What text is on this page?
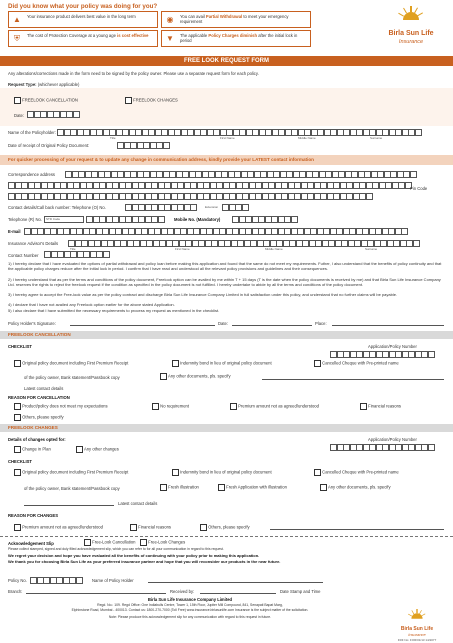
Did you know what your policy was doing for you?
▲	Your insurance product delivers best value in the long term	◉	You can avail Partial Withdrawal to meet your emergency requirement
⛨	The cost of Protection Coverage at a young age is cost effective	▼	The applicable Policy Charges diminish after the initial lock in period
Birla Sun Life
Insurance
FREE LOOK REQUEST FORM
Any alterations/corrections made in the form need to be signed by the policy owner. Please use a separate request form for each policy.
Request Type: (whichever applicable)
FREELOOK CANCELLATION	FREELOOK CHANGES
Date:
Name of the Policyholder:
Title	First Name	Middle Name	Surname
Date of receipt of Original Policy Document:
For quicker processing of your request & to update any change in communication address, kindly provide your LATEST contact information
Correspondence address
Pin Code
Contact details/Call back number: Telephone (O) No.	Extension
Telephone (R) No. STD Code	Mobile No. (Mandatory)
E-mail
Insurance Advisor's Details
Title	First Name	Middle Name	Surname
Contact Number
1) I hereby declare that I have evaluated the options of partial withdrawal and policy loan before making this application and found that the same do not meet my requirements. Futher, I also understand that the benefits of policy continuity and that the applicable policy charges reduce after the initial lock in period. I confirm that I have read and understood all the relevant policy provisions and guidelines and their consequences.
2) I hereby understand that as per the terms and conditions of the policy document, Freelook option can be availed by me within T + 15 days (T is the date when the policy documents is received by me) and that Birla Sun Life Insurance Company Ltd. reserves the rights to reject the freelook request if the condition as specified in the policy document is not fulfilled. I hereby undertake to abide by all the terms and conditions of the policy document.
3) I hereby agree to accept the Free-look value as per the policy contract and discharge Birla Sun Life Insurance Company Limited in full satisfaction under this policy, and understand that no further claims will be payable.
4) I declare that I have not availed any Freelook option earlier for the above stated Application.
5) I also declare that I have submitted the necessary requirements to process my request as mentioned in the checklist.
Policy Holder's Signature:	Date:	Place:
FREELOOK CANCELLATION
CHECKLIST	Application/Policy Number
Original policy document including First Premium Receipt	Indemnity bond in lieu of original policy document	Cancelled Cheque with Pre-printed name
of the policy owner, Bank statement/Passbook copy	Any other documents, pls. specify
Latest contact details
REASON FOR CANCELLATION
Product/policy does not meet my expectations	No requirement	Premium amount not as agreed/understood	Financial reasons
Others, please specify
FREELOOK CHANGES
Details of changes opted for:	Application/Policy Number
Change in Plan	Any other changes
CHECKLIST
Original policy document including First Premium Receipt	Indemnity bond in lieu of original policy document	Cancelled Cheque with Pre-printed name
of the policy owner, Bank statement/Passbook copy	Fresh illustration	Fresh Application with illustration	Any other documents, pls. specify
Latest contact details
REASON FOR CHANGES
Premium amount not as agreed/understood	Financial reasons	Others, please specify
Acknowledgement Slip	Free-Look Cancellation	Free-Look Changes
Please collect stamped, signed and duly filled acknowledgement slip, which you can refer to for all your communication in regard to this request.
We regret your decision and hope you have evaluated all the benefits of continuing with your policy prior to making this application.
We thank you for choosing Birla Sun Life as your preferred insurance partner and hope that you will reconsider our products in the near future.
Policy No.	Name of Policy Holder
Branch:	Received by:	Date Stamp and Time
Birla Sun Life Insurance Company Limited
Regd. No.: 109. Regd Office: One Indiabulls Centre, Tower 1, 15th Floor, Jupiter Mill Compound, 841, Senapati Bapat Marg,
Elphinstone Road, Mumbai - 400013. Contact us: 1800-270-7000 (Toll Free) www.insurance.birlasunlife.com Insurance is the subject matter of the solicitation.
Note: Please produce this acknowledgement slip for any communication with regard to this request in future.
Birla Sun Life
Insurance
FRF No: FOR/01/13 14/2077
